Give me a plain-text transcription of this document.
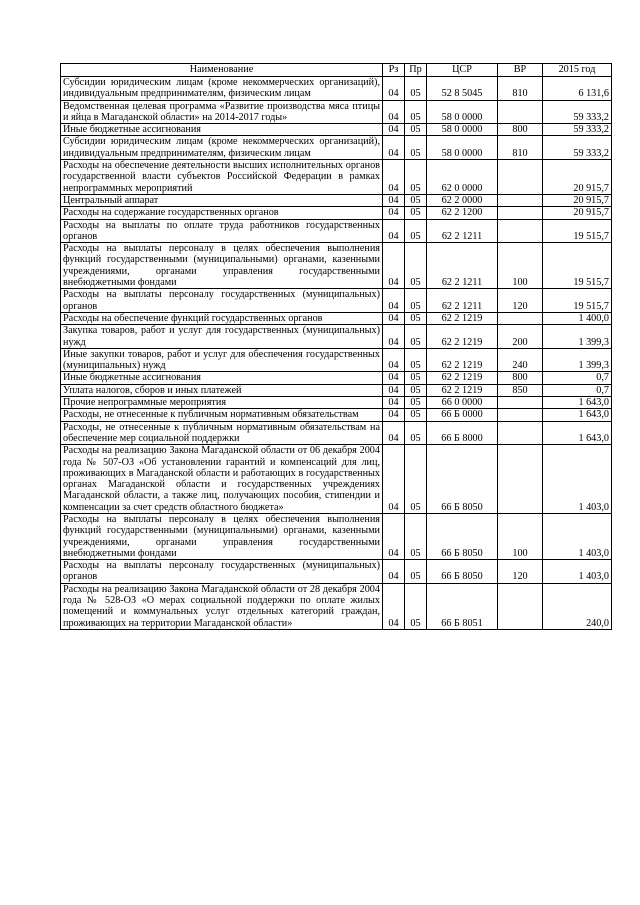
Наименование	Рз	Пр	ЦСР	ВР	2015 год
Субсидии юридическим лицам (кроме некоммерческих организаций), индивидуальным предпринимателям, физическим лицам	04	05	52 8 5045	810	6 131,6
Ведомственная целевая программа «Развитие производства мяса птицы и яйца в Магаданской области» на 2014-2017 годы»	04	05	58 0 0000		59 333,2
Иные бюджетные ассигнования	04	05	58 0 0000	800	59 333,2
Субсидии юридическим лицам (кроме некоммерческих организаций), индивидуальным предпринимателям, физическим лицам	04	05	58 0 0000	810	59 333,2
Расходы на обеспечение деятельности высших исполнительных органов государственной власти субъектов Российской Федерации в рамках непрограммных мероприятий	04	05	62 0 0000		20 915,7
Центральный аппарат	04	05	62 2 0000		20 915,7
Расходы на содержание государственных органов	04	05	62 2 1200		20 915,7
Расходы на выплаты по оплате труда работников государственных органов	04	05	62 2 1211		19 515,7
Расходы на выплаты персоналу в целях обеспечения выполнения функций государственными (муниципальными) органами, казенными учреждениями, органами управления государственными внебюджетными фондами	04	05	62 2 1211	100	19 515,7
Расходы на выплаты персоналу государственных (муниципальных) органов	04	05	62 2 1211	120	19 515,7
Расходы на обеспечение функций государственных органов	04	05	62 2 1219		1 400,0
Закупка товаров, работ и услуг для государственных (муниципальных) нужд	04	05	62 2 1219	200	1 399,3
Иные закупки товаров, работ и услуг для обеспечения государственных (муниципальных) нужд	04	05	62 2 1219	240	1 399,3
Иные бюджетные ассигнования	04	05	62 2 1219	800	0,7
Уплата налогов, сборов и иных платежей	04	05	62 2 1219	850	0,7
Прочие непрограммные мероприятия	04	05	66 0 0000		1 643,0
Расходы, не отнесенные к публичным нормативным обязательствам	04	05	66 Б 0000		1 643,0
Расходы, не отнесенные к публичным нормативным обязательствам на обеспечение мер социальной поддержки	04	05	66 Б 8000		1 643,0
Расходы на реализацию Закона Магаданской области от 06 декабря 2004 года № 507-ОЗ «Об установлении гарантий и компенсаций для лиц, проживающих в Магаданской области и работающих в государственных органах Магаданской области и государственных учреждениях Магаданской области, а также лиц, получающих пособия, стипендии и компенсации за счет средств областного бюджета»	04	05	66 Б 8050		1 403,0
Расходы на выплаты персоналу в целях обеспечения выполнения функций государственными (муниципальными) органами, казенными учреждениями, органами управления государственными внебюджетными фондами	04	05	66 Б 8050	100	1 403,0
Расходы на выплаты персоналу государственных (муниципальных) органов	04	05	66 Б 8050	120	1 403,0
Расходы на реализацию Закона Магаданской области от 28 декабря 2004 года № 528-ОЗ «О мерах социальной поддержки по оплате жилых помещений и коммунальных услуг отдельных категорий граждан, проживающих на территории Магаданской области»	04	05	66 Б 8051		240,0
